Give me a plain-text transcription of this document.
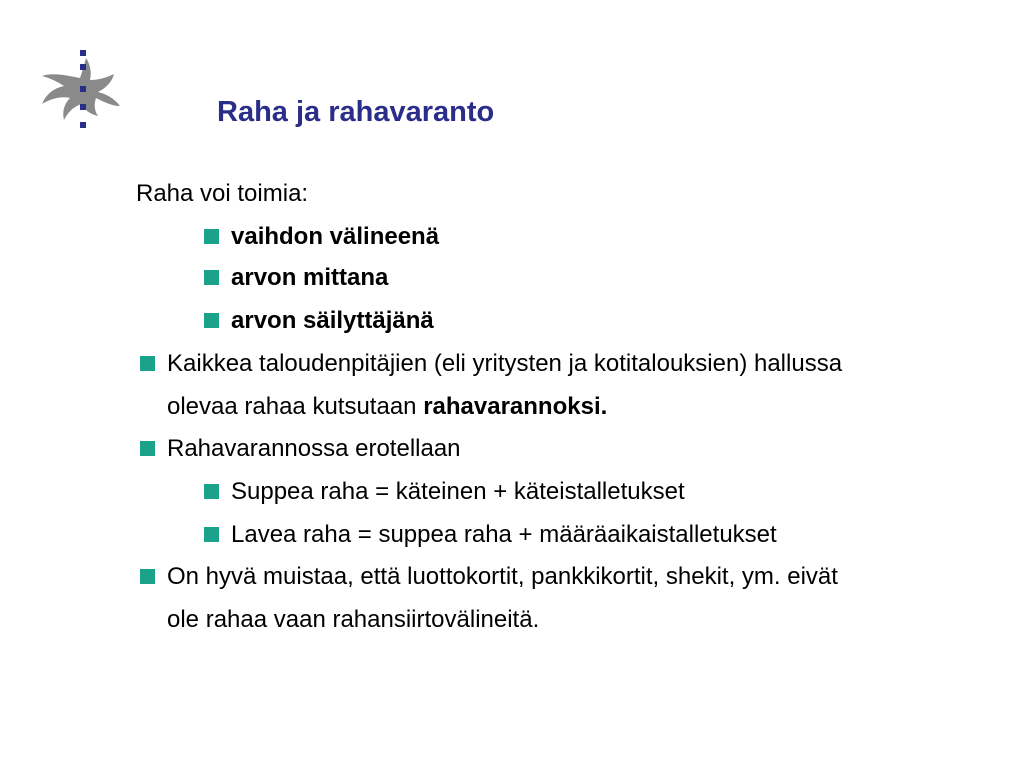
Raha ja rahavaranto
Raha voi toimia:
vaihdon välineenä
arvon mittana
arvon säilyttäjänä
Kaikkea taloudenpitäjien (eli yritysten ja kotitalouksien) hallussa
olevaa rahaa kutsutaan rahavarannoksi.
Rahavarannossa erotellaan
Suppea raha = käteinen + käteistalletukset
Lavea raha = suppea raha + määräaikaistalletukset
On hyvä muistaa, että luottokortit, pankkikortit, shekit, ym. eivät
ole rahaa vaan rahansiirtovälineitä.
